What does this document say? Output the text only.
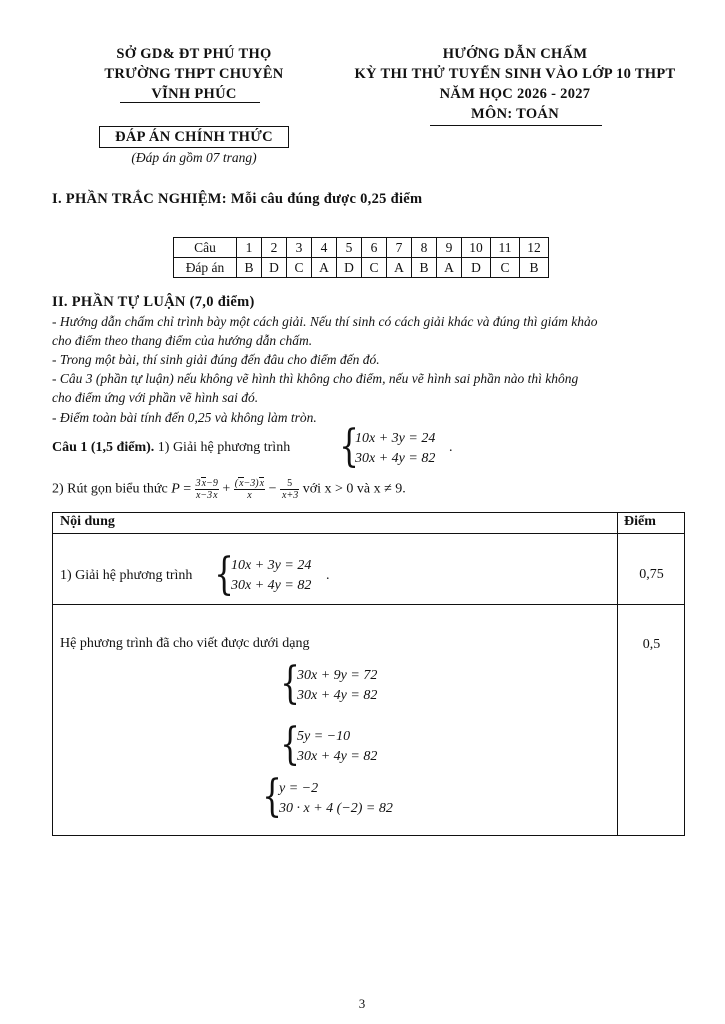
SỞ GD& ĐT PHÚ THỌ
TRƯỜNG THPT CHUYÊN
VĨNH PHÚC
HƯỚNG DẪN CHẤM
KỲ THI THỬ TUYỂN SINH VÀO LỚP 10 THPT
NĂM HỌC 2026 - 2027
MÔN: TOÁN
ĐÁP ÁN CHÍNH THỨC
(Đáp án gồm 07 trang)
I. PHẦN TRẮC NGHIỆM: Mỗi câu đúng được 0,25 điểm
Câu	1	2	3	4	5	6	7	8	9	10	11	12
Đáp án	B	D	C	A	D	C	A	B	A	D	C	B
II. PHẦN TỰ LUẬN (7,0 điểm)
- Hướng dẫn chấm chỉ trình bày một cách giải. Nếu thí sinh có cách giải khác và đúng thì giám khảo
cho điểm theo thang điểm của hướng dẫn chấm.
- Trong một bài, thí sinh giải đúng đến đâu cho điểm đến đó.
- Câu 3 (phần tự luận) nếu không vẽ hình thì không cho điểm, nếu vẽ hình sai phần nào thì không
cho điểm ứng với phần vẽ hình sai đó.
- Điểm toàn bài tính đến 0,25 và không làm tròn.
Câu 1 (1,5 điểm). 1) Giải hệ phương trình {
10x + 3y = 24
30x + 4y = 82
.
2) Rút gọn biểu thức $P = \frac{3x-9}{x-3x} + \frac{(x-3)x}{x} - \frac{5}{x+3}$ với x > 0 và x ≠ 9.
Nội dung	Điểm
1) Giải hệ phương trình {
10x + 3y = 24
30x + 4y = 82
.	0,75
Hệ phương trình đã cho viết được dưới dạng	0,5
{
30x + 9y = 72
30x + 4y = 82
{
5y = −10
30x + 4y = 82
{
y = −2
30 · x + 4 (−2) = 82
3
